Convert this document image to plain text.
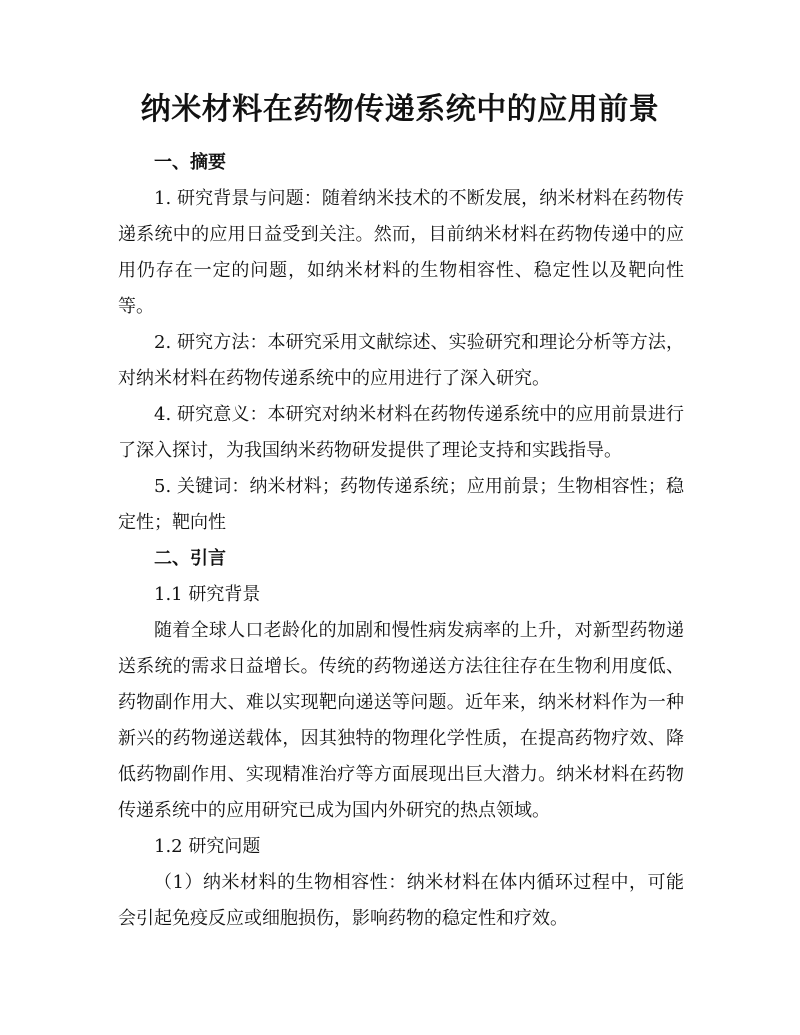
纳米材料在药物传递系统中的应用前景

一、摘要

1. 研究背景与问题：随着纳米技术的不断发展，纳米材料在药物传递系统中的应用日益受到关注。然而，目前纳米材料在药物传递中的应用仍存在一定的问题，如纳米材料的生物相容性、稳定性以及靶向性等。

2. 研究方法：本研究采用文献综述、实验研究和理论分析等方法，对纳米材料在药物传递系统中的应用进行了深入研究。

4. 研究意义：本研究对纳米材料在药物传递系统中的应用前景进行了深入探讨，为我国纳米药物研发提供了理论支持和实践指导。

5. 关键词：纳米材料；药物传递系统；应用前景；生物相容性；稳定性；靶向性

二、引言

1.1 研究背景

随着全球人口老龄化的加剧和慢性病发病率的上升，对新型药物递送系统的需求日益增长。传统的药物递送方法往往存在生物利用度低、药物副作用大、难以实现靶向递送等问题。近年来，纳米材料作为一种新兴的药物递送载体，因其独特的物理化学性质，在提高药物疗效、降低药物副作用、实现精准治疗等方面展现出巨大潜力。纳米材料在药物传递系统中的应用研究已成为国内外研究的热点领域。

1.2 研究问题

（1）纳米材料的生物相容性：纳米材料在体内循环过程中，可能会引起免疫反应或细胞损伤，影响药物的稳定性和疗效。
